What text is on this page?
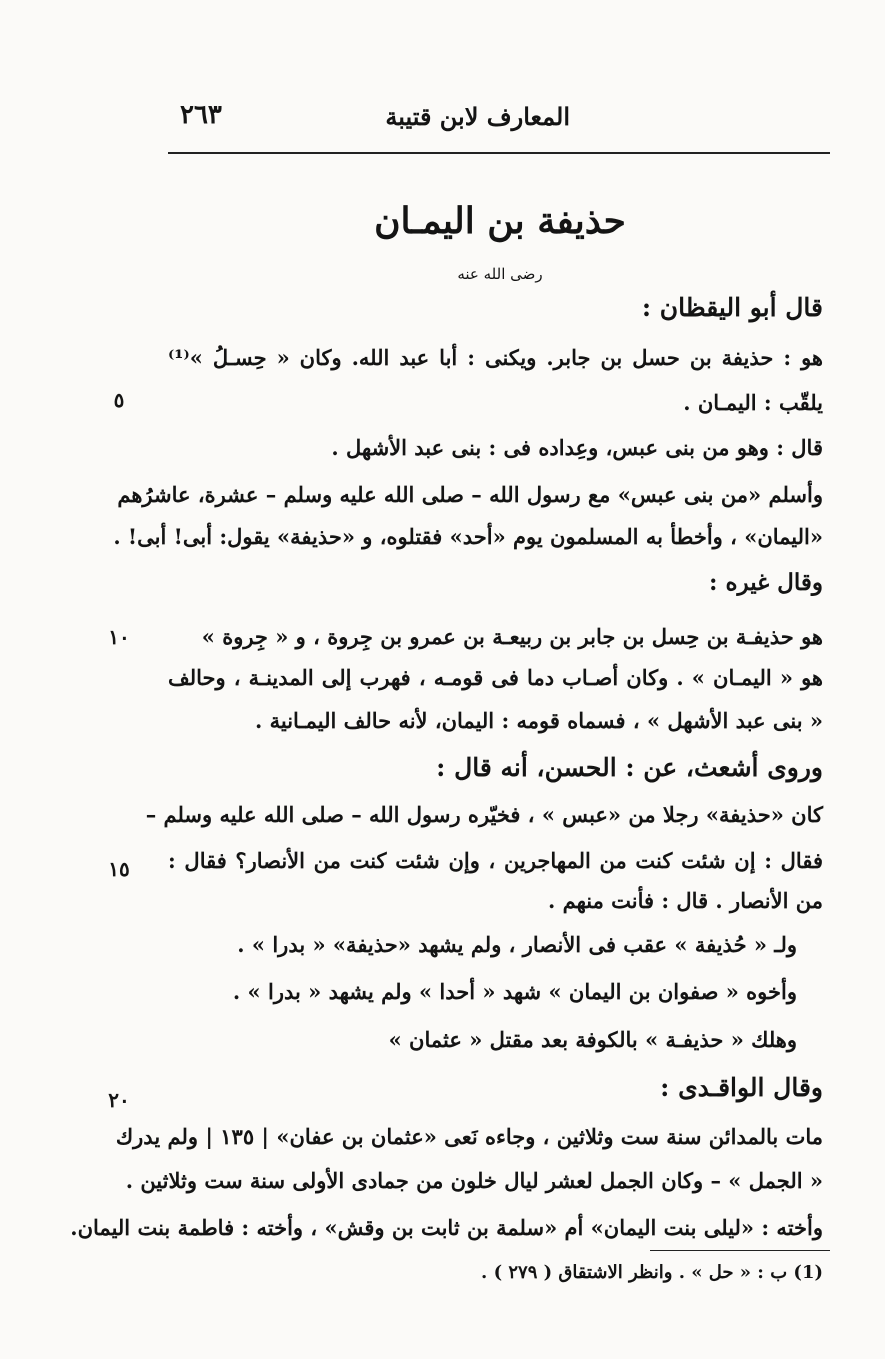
المعارف لابن قتيبة
٢٦٣
حذيفة بن اليمـان
رضى الله عنه
قال أبو اليقظان :
هو : حذيفة بن حسل بن جابر. ويكنى : أبا عبد الله. وكان « حِسـلُ »⁽¹⁾
يلقّب : اليمـان .
قال : وهو من بنى عبس، وعِداده فى : بنى عبد الأشهل .
وأسلم «من بنى عبس» مع رسول الله – صلى الله عليه وسلم – عشرة، عاشرُهم
«اليمان» ، وأخطأ به المسلمون يوم «أحد» فقتلوه، و «حذيفة» يقول: أبى! أبى! .
وقال غيره :
هو حذيفـة بن حِسل بن جابر بن ربيعـة بن عمرو بن جِروة ، و « جِروة »
هو « اليمـان » . وكان أصـاب دما فى قومـه ، فهرب إلى المدينـة ، وحالف
« بنى عبد الأشهل » ، فسماه قومه : اليمان، لأنه حالف اليمـانية .
وروى أشعث، عن : الحسن، أنه قال :
كان «حذيفة» رجلا من «عبس » ، فخيّره رسول الله – صلى الله عليه وسلم –
فقال : إن شئت كنت من المهاجرين ، وإن شئت كنت من الأنصار؟ فقال :
من الأنصار . قال : فأنت منهم .
ولـ « حُذيفة » عقب فى الأنصار ، ولم يشهد «حذيفة» « بدرا » .
وأخوه « صفوان بن اليمان » شهد « أحدا » ولم يشهد « بدرا » .
وهلك « حذيفـة » بالكوفة بعد مقتل « عثمان »
وقال الواقـدى :
مات بالمدائن سنة ست وثلاثين ، وجاءه نَعى «عثمان بن عفان» | ١٣٥ | ولم يدرك
« الجمل » – وكان الجمل لعشر ليال خلون من جمادى الأولى سنة ست وثلاثين .
وأخته : «ليلى بنت اليمان» أم «سلمة بن ثابت بن وقش» ، وأخته : فاطمة بنت اليمان.
٥
١٠
١٥
٢٠
(1) ب : « حل » . وانظر الاشتقاق ( ٢٧٩ ) .
